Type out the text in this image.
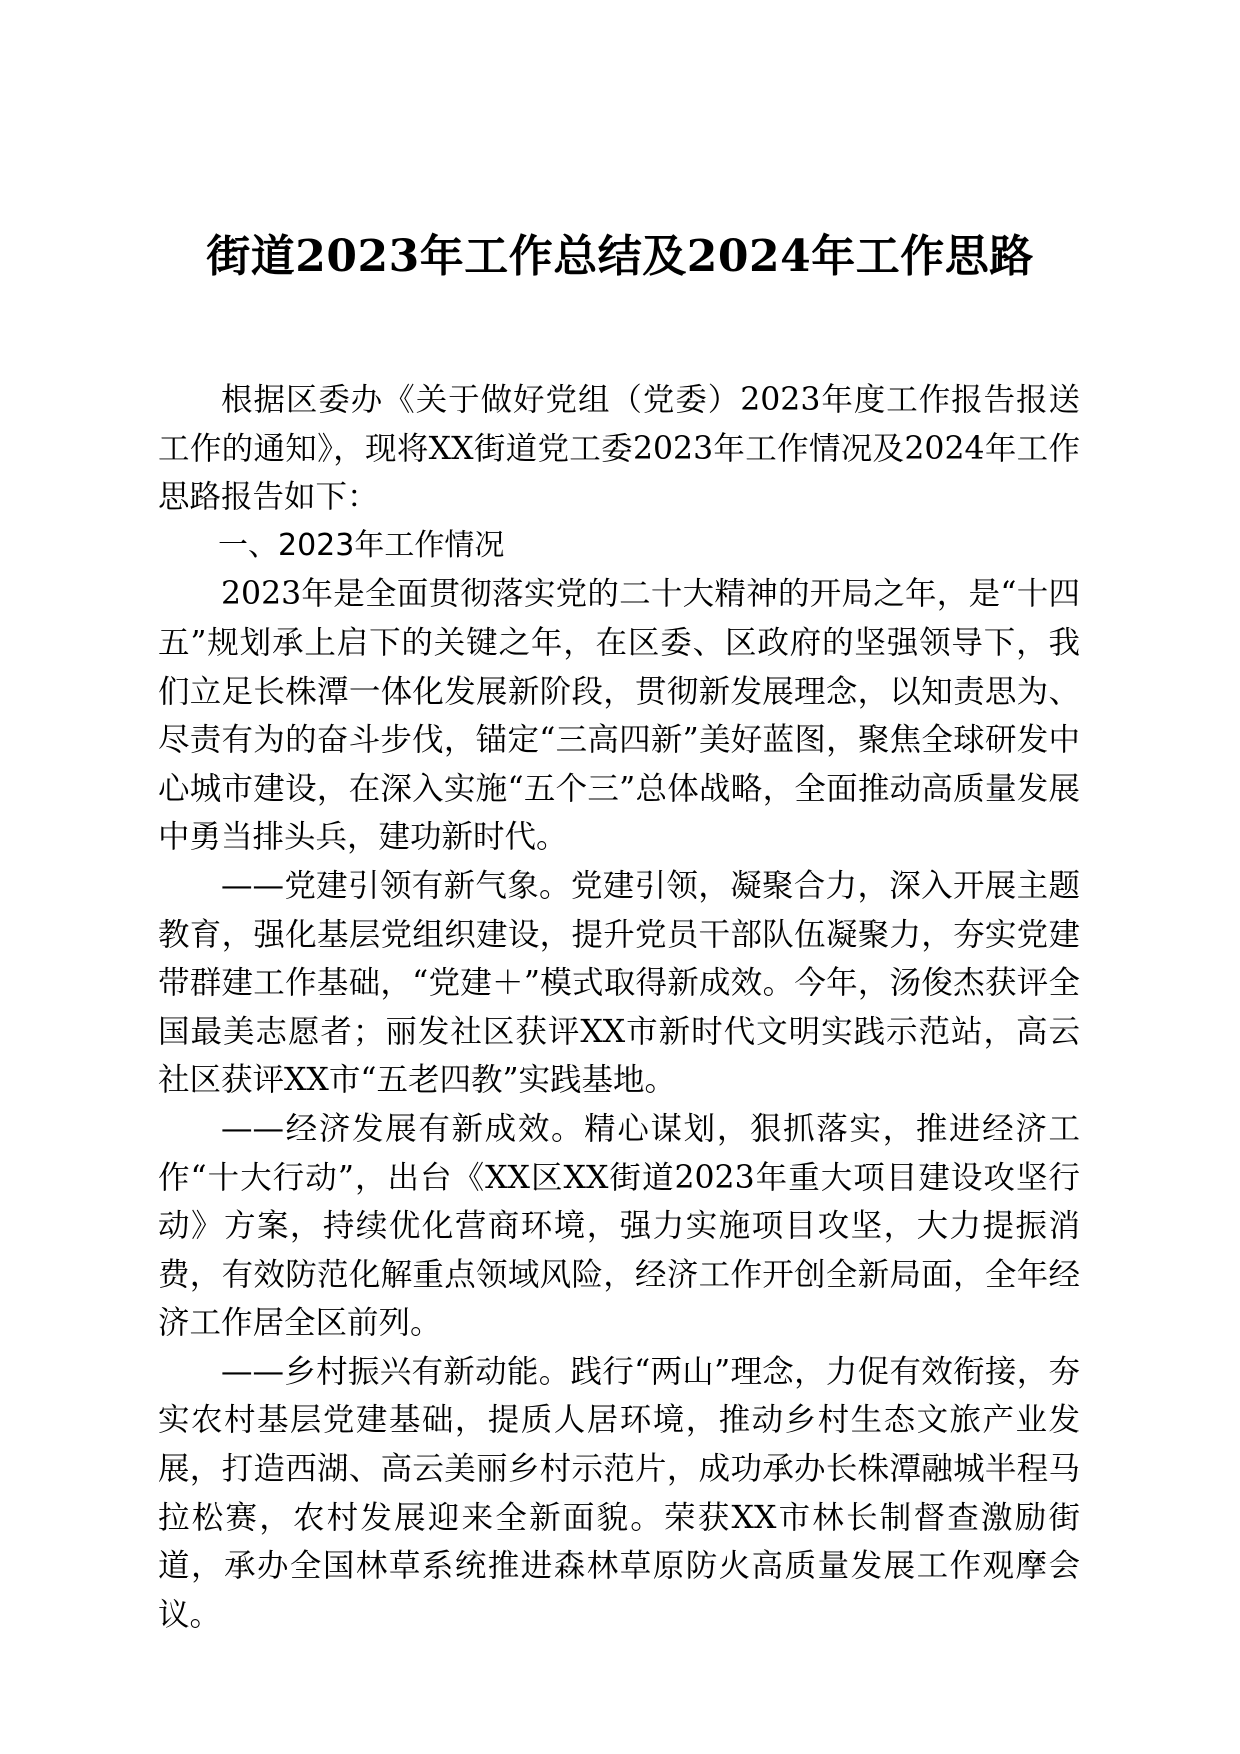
街道2023年工作总结及2024年工作思路

根据区委办《关于做好党组（党委）2023年度工作报告报送工作的通知》，现将XX街道党工委2023年工作情况及2024年工作思路报告如下：

一、2023年工作情况

2023年是全面贯彻落实党的二十大精神的开局之年，是“十四五”规划承上启下的关键之年，在区委、区政府的坚强领导下，我们立足长株潭一体化发展新阶段，贯彻新发展理念，以知责思为、尽责有为的奋斗步伐，锚定“三高四新”美好蓝图，聚焦全球研发中心城市建设，在深入实施“五个三”总体战略，全面推动高质量发展中勇当排头兵，建功新时代。

——党建引领有新气象。党建引领，凝聚合力，深入开展主题教育，强化基层党组织建设，提升党员干部队伍凝聚力，夯实党建带群建工作基础，“党建＋”模式取得新成效。今年，汤俊杰获评全国最美志愿者；丽发社区获评XX市新时代文明实践示范站，高云社区获评XX市“五老四教”实践基地。

——经济发展有新成效。精心谋划，狠抓落实，推进经济工作“十大行动”，出台《XX区XX街道2023年重大项目建设攻坚行动》方案，持续优化营商环境，强力实施项目攻坚，大力提振消费，有效防范化解重点领域风险，经济工作开创全新局面，全年经济工作居全区前列。

——乡村振兴有新动能。践行“两山”理念，力促有效衔接，夯实农村基层党建基础，提质人居环境，推动乡村生态文旅产业发展，打造西湖、高云美丽乡村示范片，成功承办长株潭融城半程马拉松赛，农村发展迎来全新面貌。荣获XX市林长制督查激励街道，承办全国林草系统推进森林草原防火高质量发展工作观摩会议。
